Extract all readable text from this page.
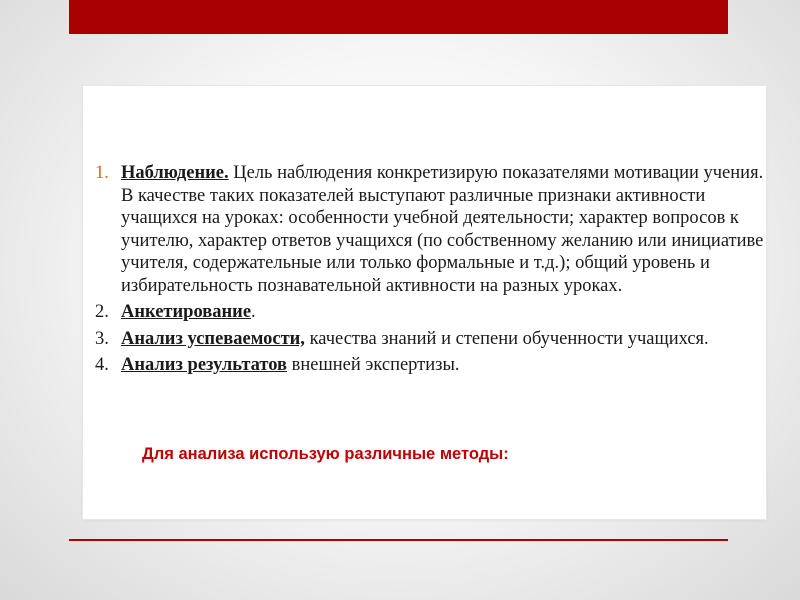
1. Наблюдение. Цель наблюдения конкретизирую показателями мотивации учения. В качестве таких показателей выступают различные признаки активности учащихся на уроках: особенности учебной деятельности; характер вопросов к учителю, характер ответов учащихся (по собственному желанию или инициативе учителя, содержательные или только формальные и т.д.); общий уровень и избирательность познавательной активности на разных уроках.
2. Анкетирование.
3. Анализ успеваемости, качества знаний и степени обученности учащихся.
4. Анализ результатов внешней экспертизы.
Для анализа использую различные методы:
